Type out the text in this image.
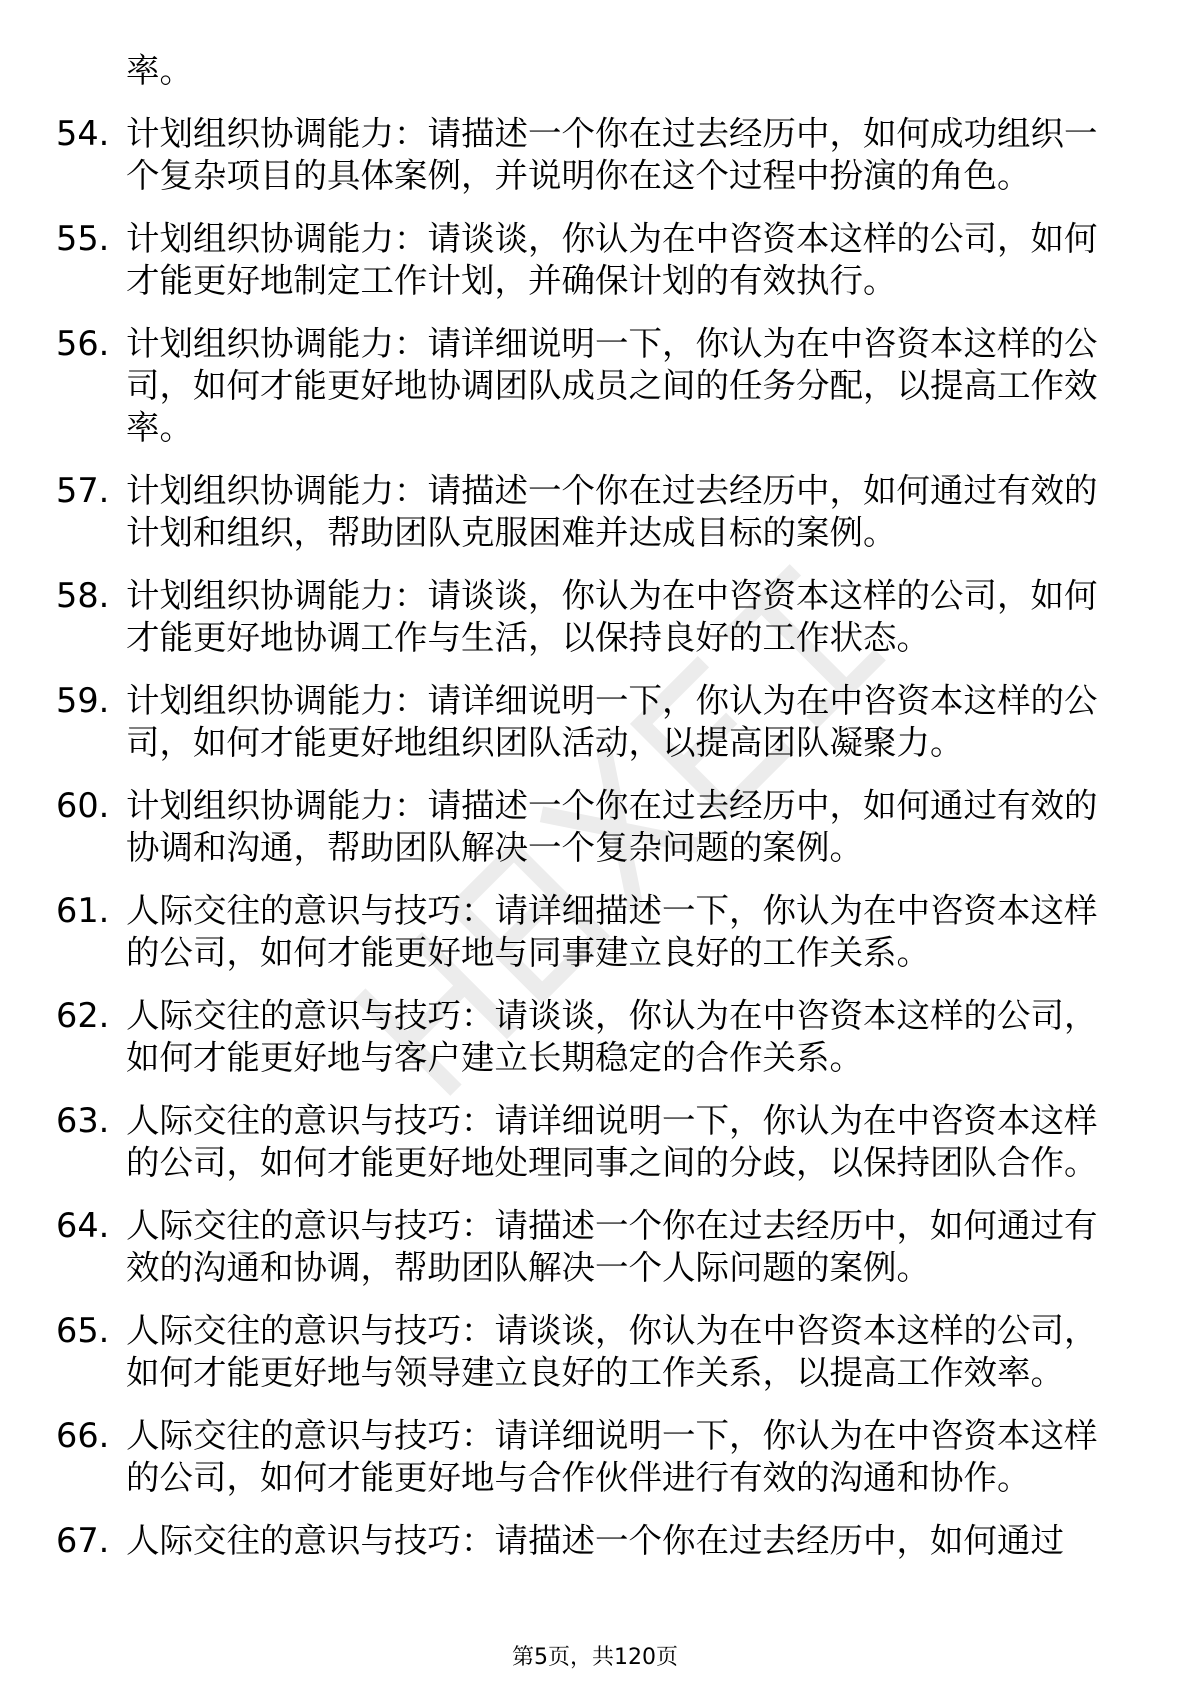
率。
54. 计划组织协调能力：请描述一个你在过去经历中，如何成功组织一个复杂项目的具体案例，并说明你在这个过程中扮演的角色。
55. 计划组织协调能力：请谈谈，你认为在中咨资本这样的公司，如何才能更好地制定工作计划，并确保计划的有效执行。
56. 计划组织协调能力：请详细说明一下，你认为在中咨资本这样的公司，如何才能更好地协调团队成员之间的任务分配，以提高工作效率。
57. 计划组织协调能力：请描述一个你在过去经历中，如何通过有效的计划和组织，帮助团队克服困难并达成目标的案例。
58. 计划组织协调能力：请谈谈，你认为在中咨资本这样的公司，如何才能更好地协调工作与生活，以保持良好的工作状态。
59. 计划组织协调能力：请详细说明一下，你认为在中咨资本这样的公司，如何才能更好地组织团队活动，以提高团队凝聚力。
60. 计划组织协调能力：请描述一个你在过去经历中，如何通过有效的协调和沟通，帮助团队解决一个复杂问题的案例。
61. 人际交往的意识与技巧：请详细描述一下，你认为在中咨资本这样的公司，如何才能更好地与同事建立良好的工作关系。
62. 人际交往的意识与技巧：请谈谈，你认为在中咨资本这样的公司，如何才能更好地与客户建立长期稳定的合作关系。
63. 人际交往的意识与技巧：请详细说明一下，你认为在中咨资本这样的公司，如何才能更好地处理同事之间的分歧，以保持团队合作。
64. 人际交往的意识与技巧：请描述一个你在过去经历中，如何通过有效的沟通和协调，帮助团队解决一个人际问题的案例。
65. 人际交往的意识与技巧：请谈谈，你认为在中咨资本这样的公司，如何才能更好地与领导建立良好的工作关系，以提高工作效率。
66. 人际交往的意识与技巧：请详细说明一下，你认为在中咨资本这样的公司，如何才能更好地与合作伙伴进行有效的沟通和协作。
67. 人际交往的意识与技巧：请描述一个你在过去经历中，如何通过
第5页，共120页
